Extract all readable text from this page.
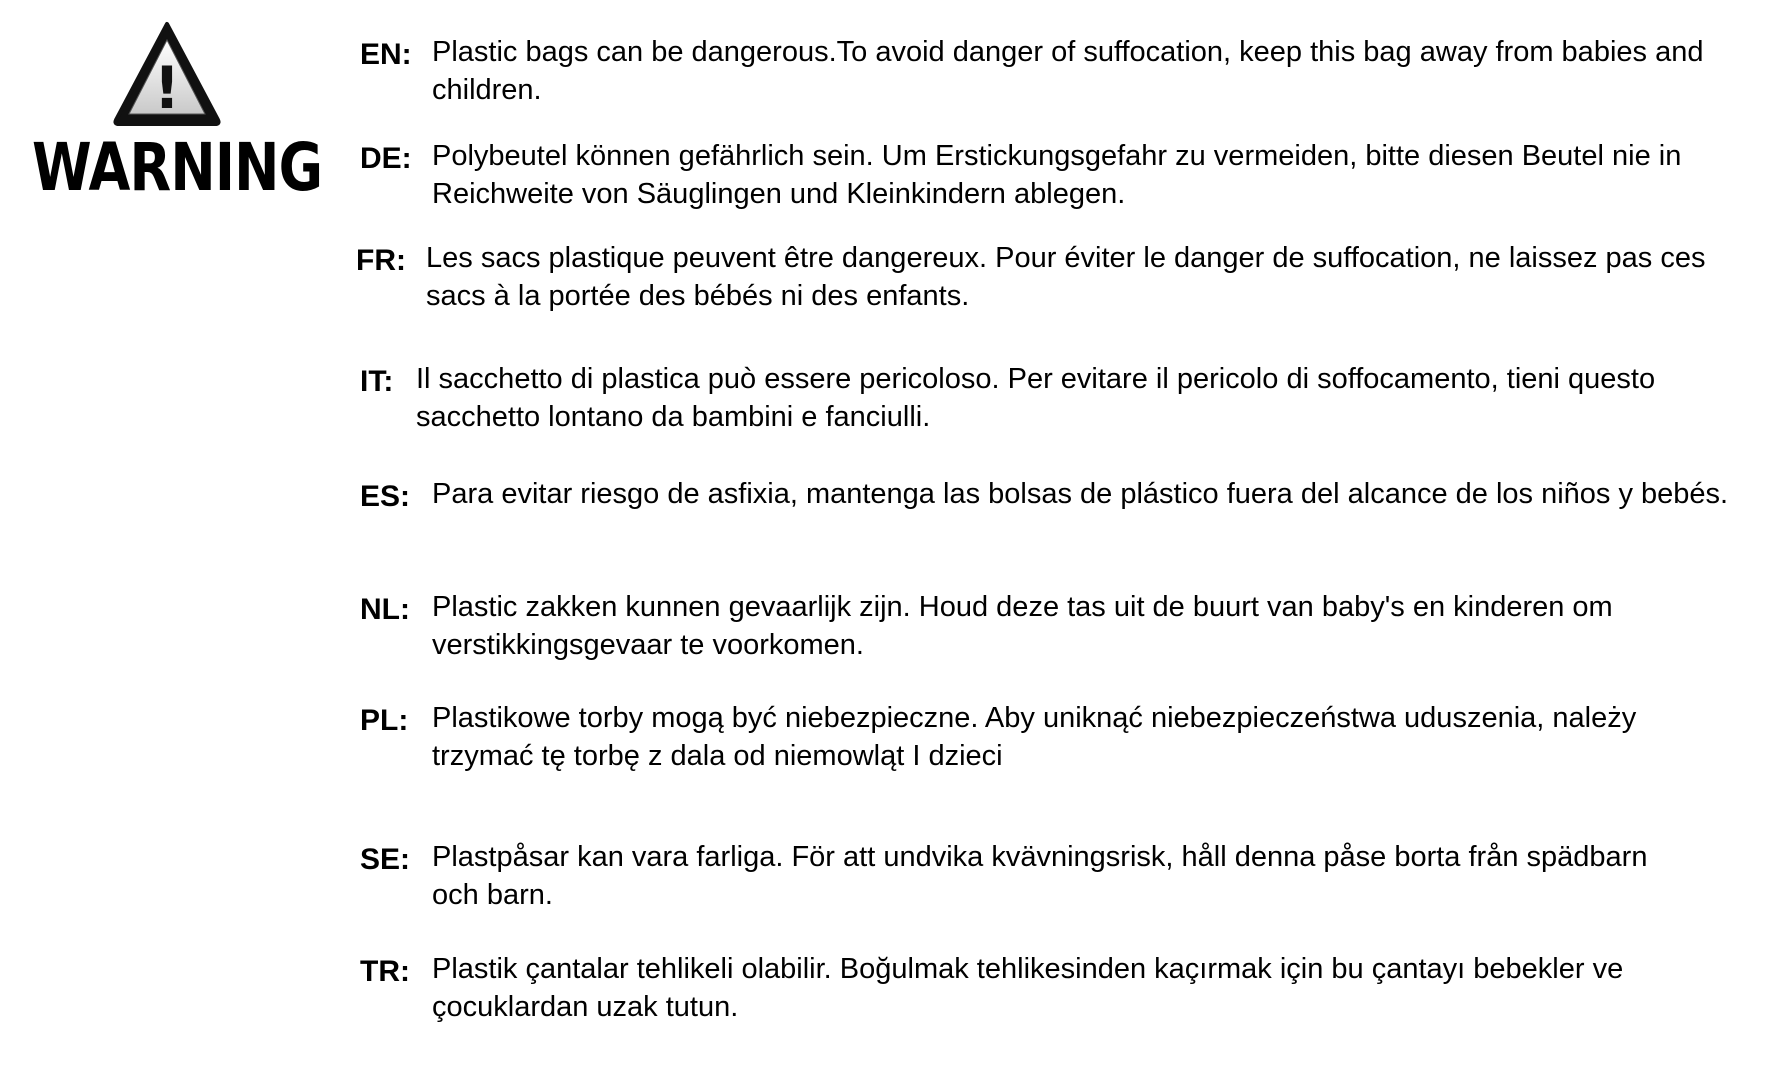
!
WARNING
EN: Plastic bags can be dangerous.To avoid danger of suffocation, keep this bag away from babies and children.
DE: Polybeutel können gefährlich sein. Um Erstickungsgefahr zu vermeiden, bitte diesen Beutel nie in Reichweite von Säuglingen und Kleinkindern ablegen.
FR: Les sacs plastique peuvent être dangereux. Pour éviter le danger de suffocation, ne laissez pas ces sacs à la portée des bébés ni des enfants.
IT: Il sacchetto di plastica può essere pericoloso. Per evitare il pericolo di soffocamento, tieni questo sacchetto lontano da bambini e fanciulli.
ES: Para evitar riesgo de asfixia, mantenga las bolsas de plástico fuera del alcance de los niños y bebés.
NL: Plastic zakken kunnen gevaarlijk zijn. Houd deze tas uit de buurt van baby's en kinderen om verstikkingsgevaar te voorkomen.
PL: Plastikowe torby mogą być niebezpieczne. Aby uniknąć niebezpieczeństwa uduszenia, należy trzymać tę torbę z dala od niemowląt I dzieci
SE: Plastpåsar kan vara farliga. För att undvika kvävningsrisk, håll denna påse borta från spädbarn och barn.
TR: Plastik çantalar tehlikeli olabilir. Boğulmak tehlikesinden kaçırmak için bu çantayı bebekler ve çocuklardan uzak tutun.
